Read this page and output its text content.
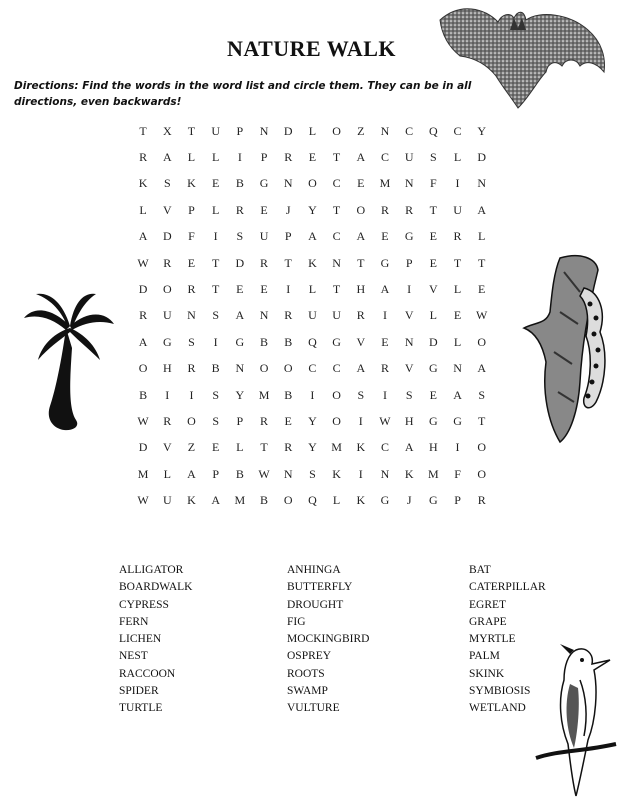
NATURE WALK
Directions: Find the words in the word list and circle them. They can be in all directions, even backwards!
T	X	T	U	P	N	D	L	O	Z	N	C	Q	C	Y
R	A	L	L	I	P	R	E	T	A	C	U	S	L	D
K	S	K	E	B	G	N	O	C	E	M	N	F	I	N
L	V	P	L	R	E	J	Y	T	O	R	R	T	U	A
A	D	F	I	S	U	P	A	C	A	E	G	E	R	L
W	R	E	T	D	R	T	K	N	T	G	P	E	T	T
D	O	R	T	E	E	I	L	T	H	A	I	V	L	E
R	U	N	S	A	N	R	U	U	R	I	V	L	E	W
A	G	S	I	G	B	B	Q	G	V	E	N	D	L	O
O	H	R	B	N	O	O	C	C	A	R	V	G	N	A
B	I	I	S	Y	M	B	I	O	S	I	S	E	A	S
W	R	O	S	P	R	E	Y	O	I	W	H	G	G	T
D	V	Z	E	L	T	R	Y	M	K	C	A	H	I	O
M	L	A	P	B	W	N	S	K	I	N	K	M	F	O
W	U	K	A	M	B	O	Q	L	K	G	J	G	P	R
ALLIGATOR	ANHINGA	BAT
BOARDWALK	BUTTERFLY	CATERPILLAR
CYPRESS	DROUGHT	EGRET
FERN	FIG	GRAPE
LICHEN	MOCKINGBIRD	MYRTLE
NEST	OSPREY	PALM
RACCOON	ROOTS	SKINK
SPIDER	SWAMP	SYMBIOSIS
TURTLE	VULTURE	WETLAND
